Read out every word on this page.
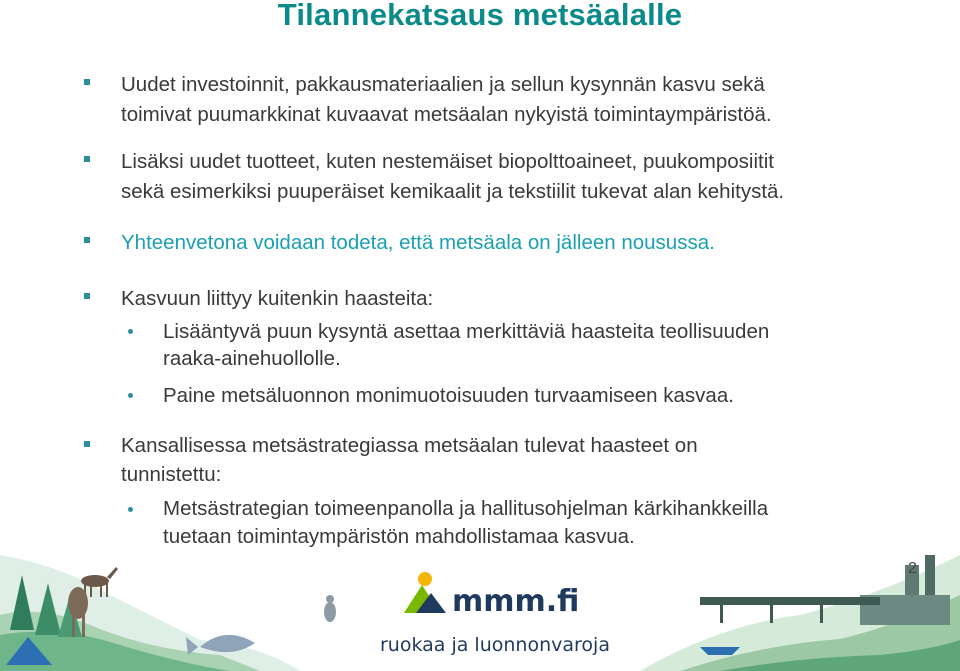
Tilannekatsaus metsäalalle
Uudet investoinnit, pakkausmateriaalien ja sellun kysynnän kasvu sekä
toimivat puumarkkinat kuvaavat metsäalan nykyistä toimintaympäristöä.
Lisäksi uudet tuotteet, kuten nestemäiset biopolttoaineet, puukomposiitit
sekä esimerkiksi puuperäiset kemikaalit ja tekstiilit tukevat alan kehitystä.
Yhteenvetona voidaan todeta, että metsäala on jälleen nousussa.
Kasvuun liittyy kuitenkin haasteita:
Lisääntyvä puun kysyntä asettaa merkittäviä haasteita teollisuuden
raaka-ainehuollolle.
Paine metsäluonnon monimuotoisuuden turvaamiseen kasvaa.
Kansallisessa metsästrategiassa metsäalan tulevat haasteet on
tunnistettu:
Metsästrategian toimeenpanolla ja hallitusohjelman kärkihankkeilla
tuetaan toimintaympäristön mahdollistamaa kasvua.
mmm.fi
ruokaa ja luonnonvaroja
2
